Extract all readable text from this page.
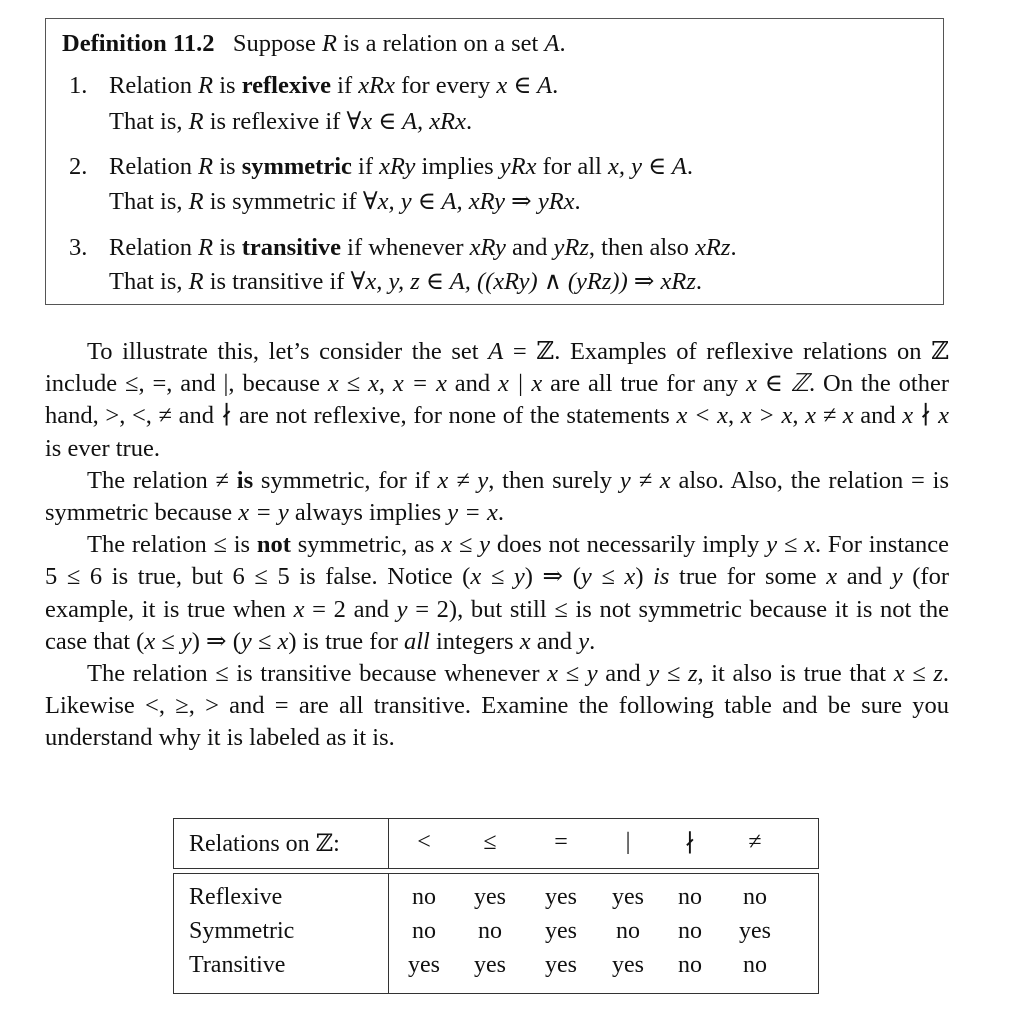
Definition 11.2 Suppose R is a relation on a set A.
1. Relation R is reflexive if xRx for every x ∈ A.
That is, R is reflexive if ∀x ∈ A, xRx.
2. Relation R is symmetric if xRy implies yRx for all x, y ∈ A.
That is, R is symmetric if ∀x, y ∈ A, xRy ⇒ yRx.
3. Relation R is transitive if whenever xRy and yRz, then also xRz.
That is, R is transitive if ∀x, y, z ∈ A, ((xRy) ∧ (yRz)) ⇒ xRz.

To illustrate this, let’s consider the set A = ℤ. Examples of reflexive relations on ℤ include ≤, =, and |, because x ≤ x, x = x and x | x are all true for any x ∈ ℤ. On the other hand, >, <, ≠ and ∤ are not reflexive, for none of the statements x < x, x > x, x ≠ x and x ∤ x is ever true.

The relation ≠ is symmetric, for if x ≠ y, then surely y ≠ x also. Also, the relation = is symmetric because x = y always implies y = x.

The relation ≤ is not symmetric, as x ≤ y does not necessarily imply y ≤ x. For instance 5 ≤ 6 is true, but 6 ≤ 5 is false. Notice (x ≤ y) ⇒ (y ≤ x) is true for some x and y (for example, it is true when x = 2 and y = 2), but still ≤ is not symmetric because it is not the case that (x ≤ y) ⇒ (y ≤ x) is true for all integers x and y.

The relation ≤ is transitive because whenever x ≤ y and y ≤ z, it also is true that x ≤ z. Likewise <, ≥, > and = are all transitive. Examine the following table and be sure you understand why it is labeled as it is.

Relations on ℤ:	<	≤	=	|	∤	≠
Reflexive	no	yes	yes	yes	no	no
Symmetric	no	no	yes	no	no	yes
Transitive	yes	yes	yes	yes	no	no
